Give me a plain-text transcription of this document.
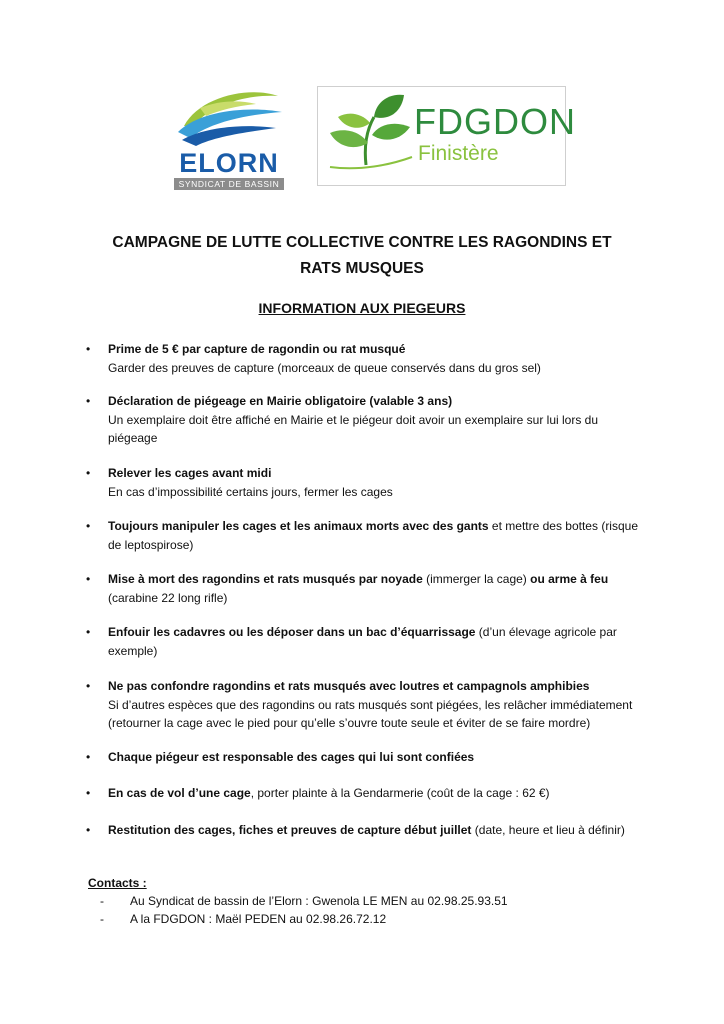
ELORN
SYNDICAT DE BASSIN
FDGDON
Finistère
CAMPAGNE DE LUTTE COLLECTIVE CONTRE LES RAGONDINS ET
RATS MUSQUES
INFORMATION AUX PIEGEURS
• Prime de 5 € par capture de ragondin ou rat musqué
Garder des preuves de capture (morceaux de queue conservés dans du gros sel)
• Déclaration de piégeage en Mairie obligatoire (valable 3 ans)
Un exemplaire doit être affiché en Mairie et le piégeur doit avoir un exemplaire sur lui lors du
piégeage
• Relever les cages avant midi
En cas d’impossibilité certains jours, fermer les cages
• Toujours manipuler les cages et les animaux morts avec des gants et mettre des bottes (risque
de leptospirose)
• Mise à mort des ragondins et rats musqués par noyade (immerger la cage) ou arme à feu
(carabine 22 long rifle)
• Enfouir les cadavres ou les déposer dans un bac d’équarrissage (d’un élevage agricole par
exemple)
• Ne pas confondre ragondins et rats musqués avec loutres et campagnols amphibies
Si d’autres espèces que des ragondins ou rats musqués sont piégées, les relâcher immédiatement
(retourner la cage avec le pied pour qu’elle s’ouvre toute seule et éviter de se faire mordre)
• Chaque piégeur est responsable des cages qui lui sont confiées
• En cas de vol d’une cage, porter plainte à la Gendarmerie (coût de la cage : 62 €)
• Restitution des cages, fiches et preuves de capture début juillet (date, heure et lieu à définir)
Contacts :
- Au Syndicat de bassin de l’Elorn : Gwenola LE MEN au 02.98.25.93.51
- A la FDGDON : Maël PEDEN au 02.98.26.72.12
